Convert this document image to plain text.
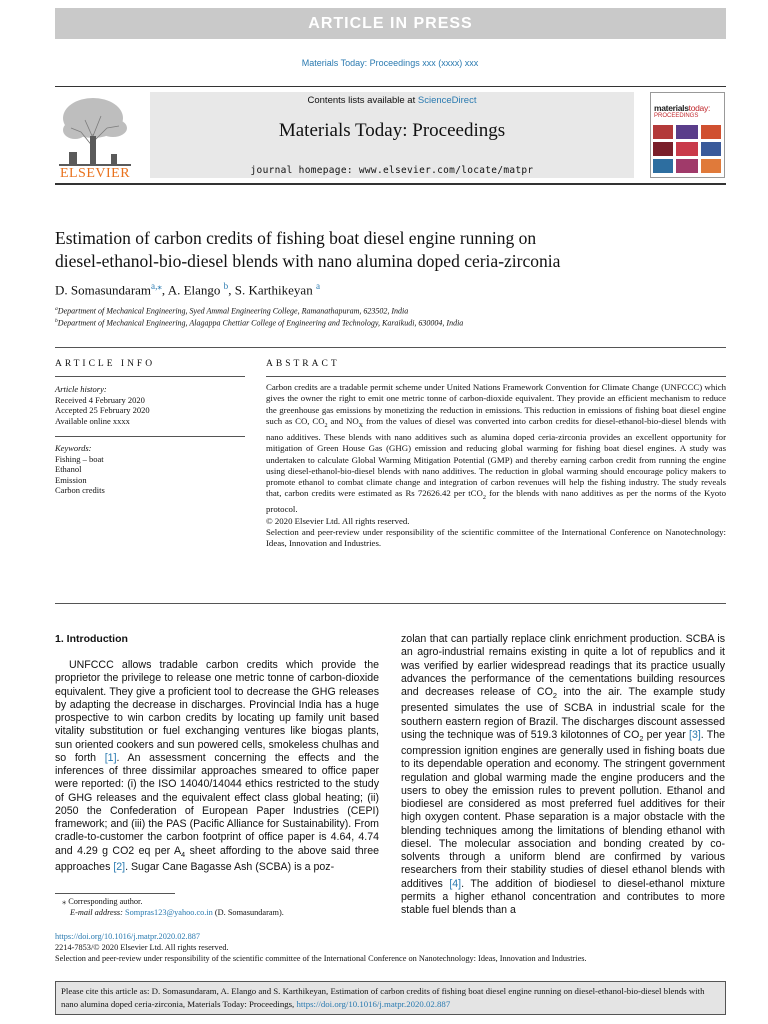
ARTICLE IN PRESS
Materials Today: Proceedings xxx (xxxx) xxx
ELSEVIER
Contents lists available at ScienceDirect
Materials Today: Proceedings
journal homepage: www.elsevier.com/locate/matpr
materialstoday:
PROCEEDINGS
Estimation of carbon credits of fishing boat diesel engine running on
diesel-ethanol-bio-diesel blends with nano alumina doped ceria-zirconia
D. Somasundaram$^{a,⁎}$, A. Elango $^b$, S. Karthikeyan $^a$
$^a$Department of Mechanical Engineering, Syed Ammal Engineering College, Ramanathapuram, 623502, India
$^b$Department of Mechanical Engineering, Alagappa Chettiar College of Engineering and Technology, Karaikudi, 630004, India
ARTICLE INFO
Article history:
Received 4 February 2020
Accepted 25 February 2020
Available online xxxx
Keywords:
Fishing – boat
Ethanol
Emission
Carbon credits
ABSTRACT

Carbon credits are a tradable permit scheme under United Nations Framework Convention for Climate Change (UNFCCC) which gives the owner the right to emit one metric tonne of carbon-dioxide equivalent. They provide an efficient mechanism to reduce the greenhouse gas emissions by monetizing the reduction in emissions. This reduction in emissions of fishing boat diesel engine such as CO, $CO_2$ and $NO_X$ from the values of diesel was converted into carbon credits for diesel-ethanol-bio-diesel blends with nano additives. These blends with nano additives such as alumina doped ceria-zirconia provides an excellent opportunity for mitigation of Green House Gas (GHG) emission and reducing global warming for fishing boat diesel engines. A study was undertaken to calculate Global Warming Mitigation Potential (GMP) and thereby earning carbon credit from running the engine using diesel-ethanol-bio-diesel blends with nano additives. The reduction in global warming should encourage policy makers to promote ethanol to combat climate change and integration of carbon revenues will help the fishing industry. The study reveals that, carbon credits were estimated as Rs 72626.42 per tCO$_2$ for the blends with nano additives as per the norms of the Kyoto protocol.

© 2020 Elsevier Ltd. All rights reserved.

Selection and peer-review under responsibility of the scientific committee of the International Conference on Nanotechnology: Ideas, Innovation and Industries.

1. Introduction

UNFCCC allows tradable carbon credits which provide the proprietor the privilege to release one metric tonne of carbon-dioxide equivalent. They give a proficient tool to decrease the GHG releases by adapting the decrease in discharges. Provincial India has a huge prospective to win carbon credits by locating up family unit based vitality substitution or fuel exchanging ventures like biogas plants, sun oriented cookers and sun powered cells, smokeless chulhas and so forth [1]. An assessment concerning the effects and the inferences of three dissimilar approaches smeared to office paper were reported: (i) the ISO 14040/14044 ethics restricted to the study of GHG releases and the equivalent effect class global heating; (ii) 2050 the Confederation of European Paper Industries (CEPI) framework; and (iii) the PAS (Pacific Alliance for Sustainability). From cradle-to-customer the carbon footprint of office paper is 4.64, 4.74 and 4.29 g CO2 eq per $A_4$ sheet affording to the above said three approaches [2]. Sugar Cane Bagasse Ash (SCBA) is a poz-

zolan that can partially replace clink enrichment production. SCBA is an agro-industrial remains existing in quite a lot of republics and it was verified by earlier widespread readings that its practice usually advances the performance of the cementations building resources and decreases release of $CO_2$ into the air. The example study presented simulates the use of SCBA in industrial scale for the southern eastern region of Brazil. The discharges discount assessed using the technique was of 519.3 kilotonnes of $CO_2$ per year [3]. The compression ignition engines are generally used in fishing boats due to its dependable operation and economy. The stringent government regulation and global warming made the engine producers and the users to obey the emission rules to prevent pollution. Ethanol and biodiesel are considered as most preferred fuel additives for their high oxygen content. Phase separation is a major obstacle with the blending techniques among the limitations of blending ethanol with diesel. The molecular association and bonding created by co-solvents through a uniform blend are confirmed by various researchers from their stability studies of diesel ethanol blends with additives [4]. The addition of biodiesel to diesel-ethanol mixture permits a higher ethanol concentration and contributes to more stable fuel blends than a

⁎ Corresponding author.
E-mail address: Sompras123@yahoo.co.in (D. Somasundaram).
https://doi.org/10.1016/j.matpr.2020.02.887
2214-7853/© 2020 Elsevier Ltd. All rights reserved.
Selection and peer-review under responsibility of the scientific committee of the International Conference on Nanotechnology: Ideas, Innovation and Industries.
Please cite this article as: D. Somasundaram, A. Elango and S. Karthikeyan, Estimation of carbon credits of fishing boat diesel engine running on diesel-ethanol-bio-diesel blends with nano alumina doped ceria-zirconia, Materials Today: Proceedings, https://doi.org/10.1016/j.matpr.2020.02.887
